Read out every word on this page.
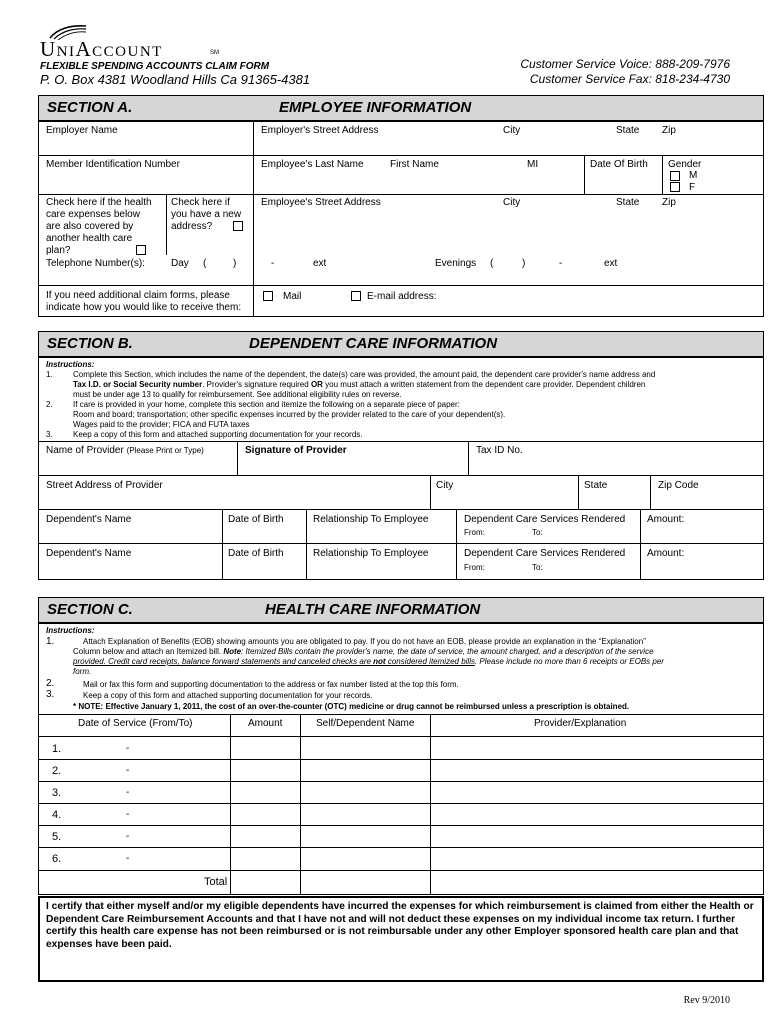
UniAccount	SM
FLEXIBLE SPENDING ACCOUNTS CLAIM FORM
P. O. Box 4381 Woodland Hills Ca 91365-4381
Customer Service Voice: 888-209-7976
Customer Service Fax: 818-234-4730
SECTION A.	EMPLOYEE INFORMATION
Employer Name	Employer's Street Address	City	State Zip
Member Identification Number	Employee's Last Name	First Name	MI	Date Of Birth Gender
M
F
Check here if the health
care expenses below
are also covered by
another health care
plan?
Check here if
you have a new
address?
Employee's Street Address	City	State Zip
Telephone Number(s):	Day (	)	-	ext	Evenings (	)	-	ext
If you need additional claim forms, please
indicate how you would like to receive them:
Mail	E-mail address:
SECTION B.	DEPENDENT CARE INFORMATION
Instructions:
1.	Complete this Section, which includes the name of the dependent, the date(s) care was provided, the amount paid, the dependent care provider's name address and
Tax I.D. or Social Security number. Provider's signature required OR you must attach a written statement from the dependent care provider. Dependent children
must be under age 13 to qualify for reimbursement. See additional eligibility rules on reverse.
2.	If care is provided in your home, complete this section and itemize the following on a separate piece of paper:
Room and board; transportation; other specific expenses incurred by the provider related to the care of your dependent(s).
Wages paid to the provider; FICA and FUTA taxes
3.	Keep a copy of this form and attached supporting documentation for your records.
Name of Provider (Please Print or Type)	Signature of Provider	Tax ID No.
Street Address of Provider	City	State	Zip Code
Dependent's Name	Date of Birth	Relationship To Employee	Dependent Care Services Rendered
From:	To:
Amount:
Dependent's Name	Date of Birth	Relationship To Employee	Dependent Care Services Rendered
From:	To:
Amount:
SECTION C.	HEALTH CARE INFORMATION
Instructions:
1.	Attach Explanation of Benefits (EOB) showing amounts you are obligated to pay. If you do not have an EOB, please provide an explanation in the “Explanation”
Column below and attach an Itemized bill. Note: Itemized Bills contain the provider's name, the date of service, the amount charged, and a description of the service
provided. Credit card receipts, balance forward statements and canceled checks are not considered itemized bills. Please include no more than 6 receipts or EOBs per
form.
2.	Mail or fax this form and supporting documentation to the address or fax number listed at the top this form.
3.	Keep a copy of this form and attached supporting documentation for your records.
* NOTE: Effective January 1, 2011, the cost of an over-the-counter (OTC) medicine or drug cannot be reimbursed unless a prescription is obtained.
Date of Service (From/To)	Amount	Self/Dependent Name	Provider/Explanation
1.	-
2.	-
3.	-
4.	-
5.	-
6.	-
Total

I certify that either myself and/or my eligible dependents have incurred the expenses for which reimbursement is claimed from either the Health or Dependent Care Reimbursement Accounts and that I have not and will not deduct these expenses on my individual income tax return. I further certify this health care expense has not been reimbursed or is not reimbursable under any other Employer sponsored health care plan and that expenses have been paid.

Rev 9/2010
